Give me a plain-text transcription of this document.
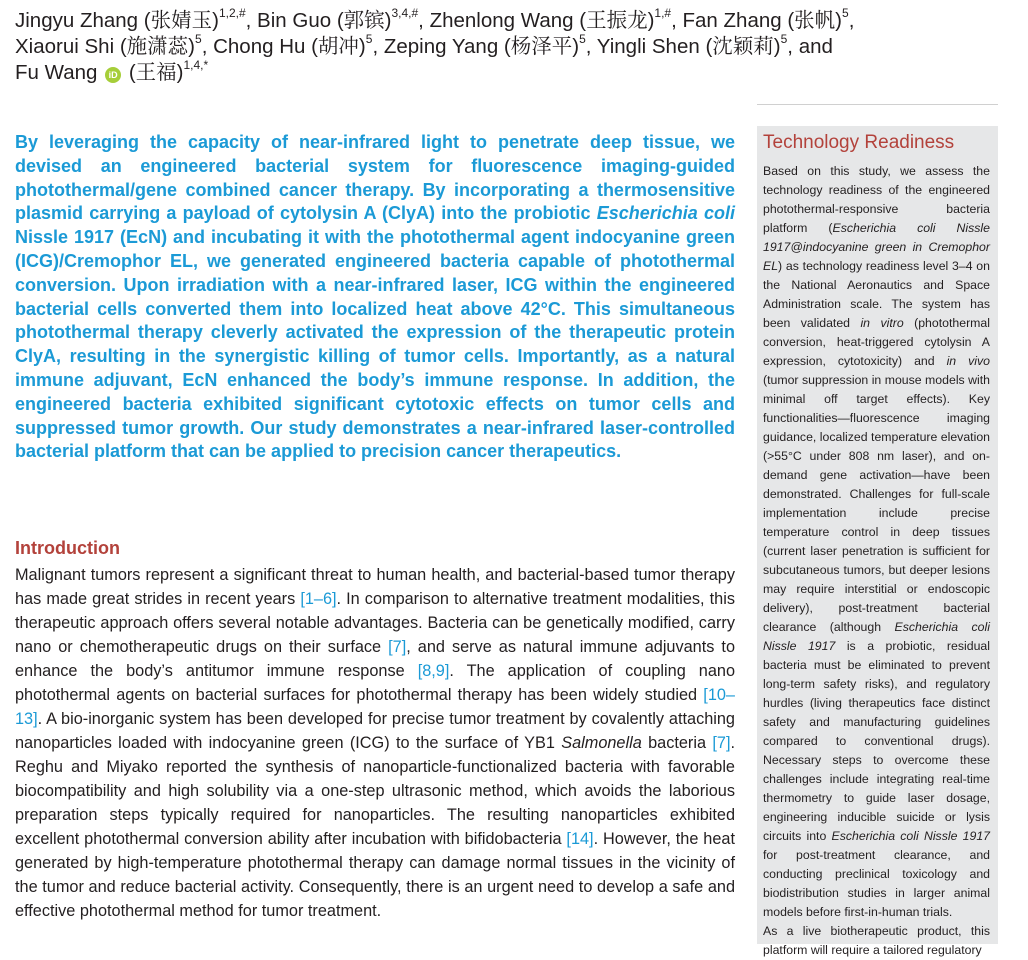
Jingyu Zhang (张婧玉)$^{1,2,\#}$, Bin Guo (郭镔)$^{3,4,\#}$, Zhenlong Wang (王振龙)$^{1,\#}$, Fan Zhang (张帆)$^5$,
Xiaorui Shi (施潇蕊)$^5$, Chong Hu (胡冲)$^5$, Zeping Yang (杨泽平)$^5$, Yingli Shen (沈颖莉)$^5$, and
Fu Wang iD (王福)$^{1,4,*}$

By leveraging the capacity of near-infrared light to penetrate deep tissue, we devised an engineered bacterial system for fluorescence imaging-guided photothermal/gene combined cancer therapy. By incorporating a thermosensitive plasmid carrying a payload of cytolysin A (ClyA) into the probiotic Escherichia coli Nissle 1917 (EcN) and incubating it with the photothermal agent indocyanine green (ICG)/Cremophor EL, we generated engineered bacteria capable of photothermal conversion. Upon irradiation with a near-infrared laser, ICG within the engineered bacterial cells converted them into localized heat above 42°C. This simultaneous photothermal therapy cleverly activated the expression of the therapeutic protein ClyA, resulting in the synergistic killing of tumor cells. Importantly, as a natural immune adjuvant, EcN enhanced the body’s immune response. In addition, the engineered bacteria exhibited significant cytotoxic effects on tumor cells and suppressed tumor growth. Our study demonstrates a near-infrared laser-controlled bacterial platform that can be applied to precision cancer therapeutics.

Introduction

Malignant tumors represent a significant threat to human health, and bacterial-based tumor therapy has made great strides in recent years [1–6]. In comparison to alternative treatment modalities, this therapeutic approach offers several notable advantages. Bacteria can be genetically modified, carry nano or chemotherapeutic drugs on their surface [7], and serve as natural immune adjuvants to enhance the body’s antitumor immune response [8,9]. The application of coupling nano photothermal agents on bacterial surfaces for photothermal therapy has been widely studied [10–13]. A bio-inorganic system has been developed for precise tumor treatment by covalently attaching nanoparticles loaded with indocyanine green (ICG) to the surface of YB1 Salmonella bacteria [7]. Reghu and Miyako reported the synthesis of nanoparticle-functionalized bacteria with favorable biocompatibility and high solubility via a one-step ultrasonic method, which avoids the laborious preparation steps typically required for nanoparticles. The resulting nanoparticles exhibited excellent photothermal conversion ability after incubation with bifidobacteria [14]. However, the heat generated by high-temperature photothermal therapy can damage normal tissues in the vicinity of the tumor and reduce bacterial activity. Consequently, there is an urgent need to develop a safe and effective photothermal method for tumor treatment.

Technology Readiness

Based on this study, we assess the technology readiness of the engineered photothermal-responsive bacteria platform (Escherichia coli Nissle 1917@indocyanine green in Cremophor EL) as technology readiness level 3–4 on the National Aeronautics and Space Administration scale. The system has been validated in vitro (photothermal conversion, heat-triggered cytolysin A expression, cytotoxicity) and in vivo (tumor suppression in mouse models with minimal off target effects). Key functionalities—fluorescence imaging guidance, localized temperature elevation (>55°C under 808 nm laser), and on-demand gene activation—have been demonstrated. Challenges for full-scale implementation include precise temperature control in deep tissues (current laser penetration is sufficient for subcutaneous tumors, but deeper lesions may require interstitial or endoscopic delivery), post-treatment bacterial clearance (although Escherichia coli Nissle 1917 is a probiotic, residual bacteria must be eliminated to prevent long-term safety risks), and regulatory hurdles (living therapeutics face distinct safety and manufacturing guidelines compared to conventional drugs). Necessary steps to overcome these challenges include integrating real-time thermometry to guide laser dosage, engineering inducible suicide or lysis circuits into Escherichia coli Nissle 1917 for post-treatment clearance, and conducting preclinical toxicology and biodistribution studies in larger animal models before first-in-human trials.

As a live biotherapeutic product, this platform will require a tailored regulatory
